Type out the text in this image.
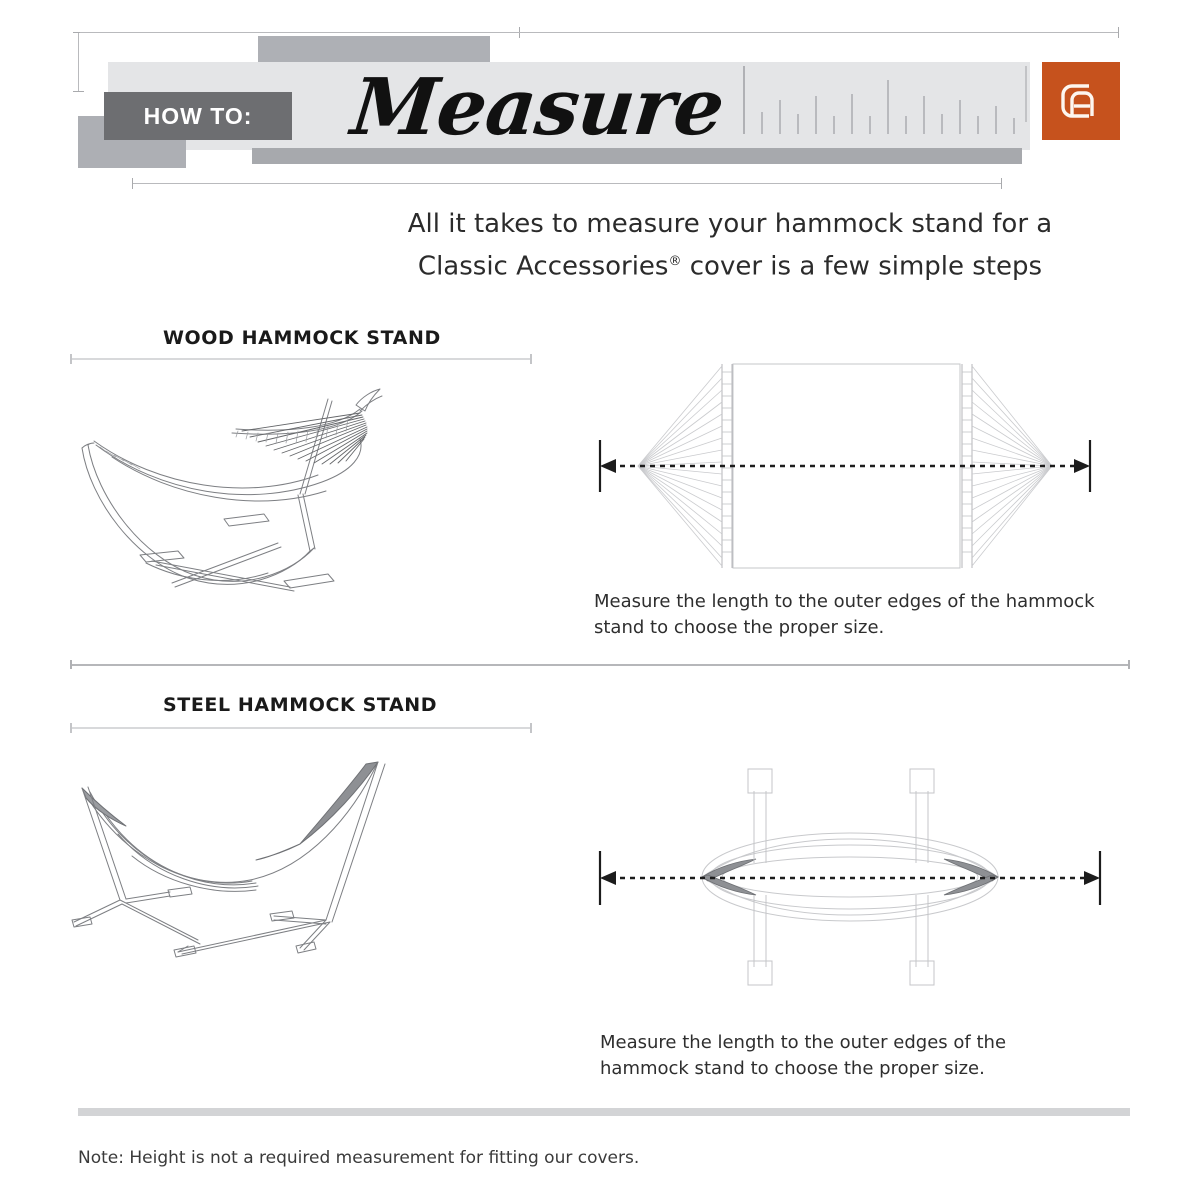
HOW TO: Measure
All it takes to measure your hammock stand for a
Classic Accessories® cover is a few simple steps
WOOD HAMMOCK STAND
Measure the length to the outer edges of the hammock
stand to choose the proper size.
STEEL HAMMOCK STAND
Measure the length to the outer edges of the
hammock stand to choose the proper size.
Note: Height is not a required measurement for fitting our covers.
